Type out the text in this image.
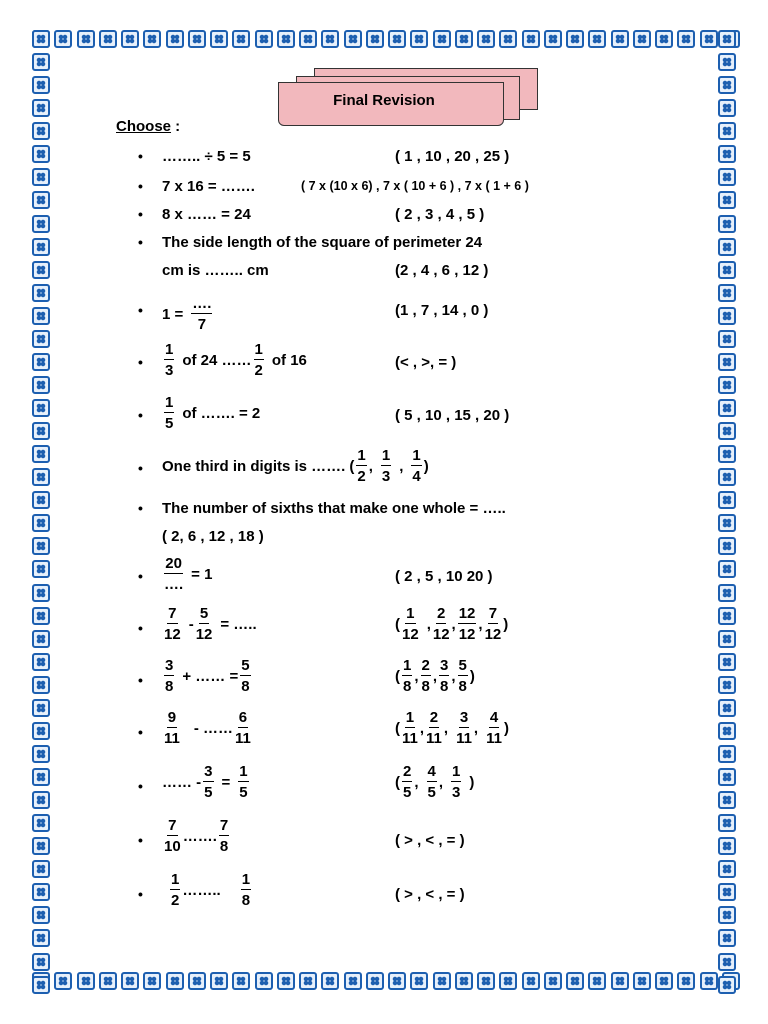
Final Revision
Choose :
• …….. ÷ 5 = 5	( 1 , 10 , 20 , 25 )
• 7 x 16 = …….	( 7 x (10 x 6) , 7 x ( 10 + 6 ) , 7 x ( 1 + 6 )
• 8 x …… = 24	( 2 , 3 , 4 , 5 )
• The side length of the square of perimeter 24
cm is …….. cm	(2 , 4 , 6 , 12 )
• $1 = \frac{\dots.}{7}$	(1 , 7 , 14 , 0 )
• $\frac{1}{3}$ of 24 …… $\frac{1}{2}$ of 16	(< , >, = )
• $\frac{1}{5}$ of ……. = 2	( 5 , 10 , 15 , 20 )
• One third in digits is ……. ( $\frac{1}{2}$ , $\frac{1}{3}$ , $\frac{1}{4}$ )
• The number of sixths that make one whole = …..
( 2, 6 , 12 , 18 )
• $\frac{20}{\dots.} = 1$	( 2 , 5 , 10 20 )
• $\frac{7}{12} - \frac{5}{12}$ = …..	( $\frac{1}{12}$ , $\frac{2}{12}$ , $\frac{12}{12}$ , $\frac{7}{12}$ )
• $\frac{3}{8}$ + …… = $\frac{5}{8}$	( $\frac{1}{8}$ , $\frac{2}{8}$ , $\frac{3}{8}$ , $\frac{5}{8}$ )
• $\frac{9}{11}$ - …… $\frac{6}{11}$	( $\frac{1}{11}$ , $\frac{2}{11}$ , $\frac{3}{11}$ , $\frac{4}{11}$ )
• …… - $\frac{3}{5} = \frac{1}{5}$	( $\frac{2}{5}$ , $\frac{4}{5}$ , $\frac{1}{3}$ )
• $\frac{7}{10}$ ……. $\frac{7}{8}$	( > , < , = )
• $\frac{1}{2}$ …….. $\frac{1}{8}$	( > , < , = )
